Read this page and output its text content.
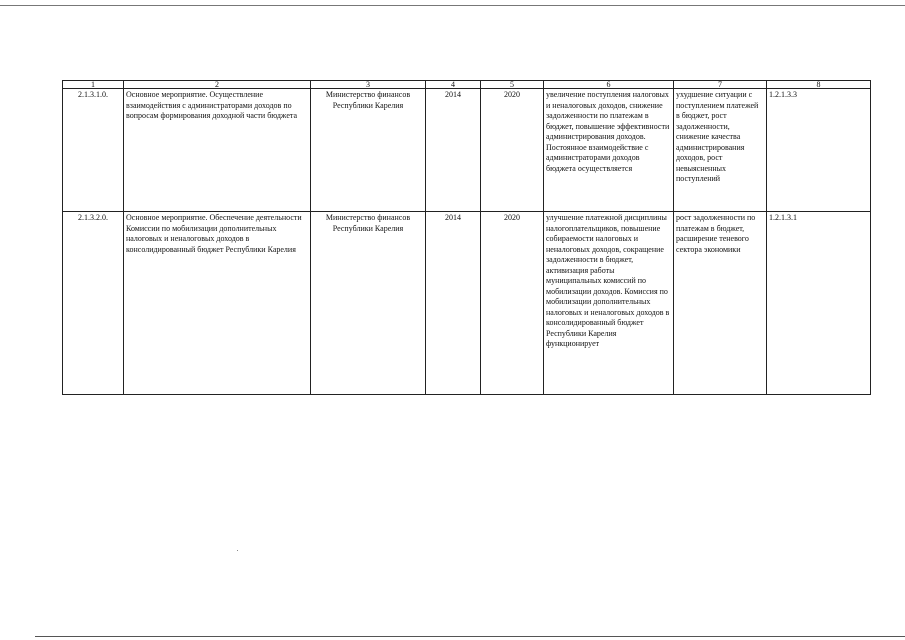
1	2	3	4	5	6	7	8
2.1.3.1.0.	Основное мероприятие. Осуществление взаимодействия с администраторами доходов по вопросам формирования доходной части бюджета	Министерство финансов Республики Карелия	2014	2020	увеличение поступления налоговых и неналоговых доходов, снижение задолженности по платежам в бюджет, повышение эффективности администрирования доходов. Постоянное взаимодействие с администраторами доходов бюджета осуществляется	ухудшение ситуации с поступлением платежей в бюджет, рост задолженности, снижение качества администрирования доходов, рост невыясненных поступлений	1.2.1.3.3
2.1.3.2.0.	Основное мероприятие. Обеспечение деятельности Комиссии по мобилизации дополнительных налоговых и неналоговых доходов в консолидированный бюджет Республики Карелия	Министерство финансов Республики Карелия	2014	2020	улучшение платежной дисциплины налогоплательщиков, повышение собираемости налоговых и неналоговых доходов, сокращение задолженности в бюджет, активизация работы муниципальных комиссий по мобилизации доходов. Комиссия по мобилизации дополнительных налоговых и неналоговых доходов в консолидированный бюджет Республики Карелия функционирует	рост задолженности по платежам в бюджет, расширение теневого сектора экономики	1.2.1.3.1
